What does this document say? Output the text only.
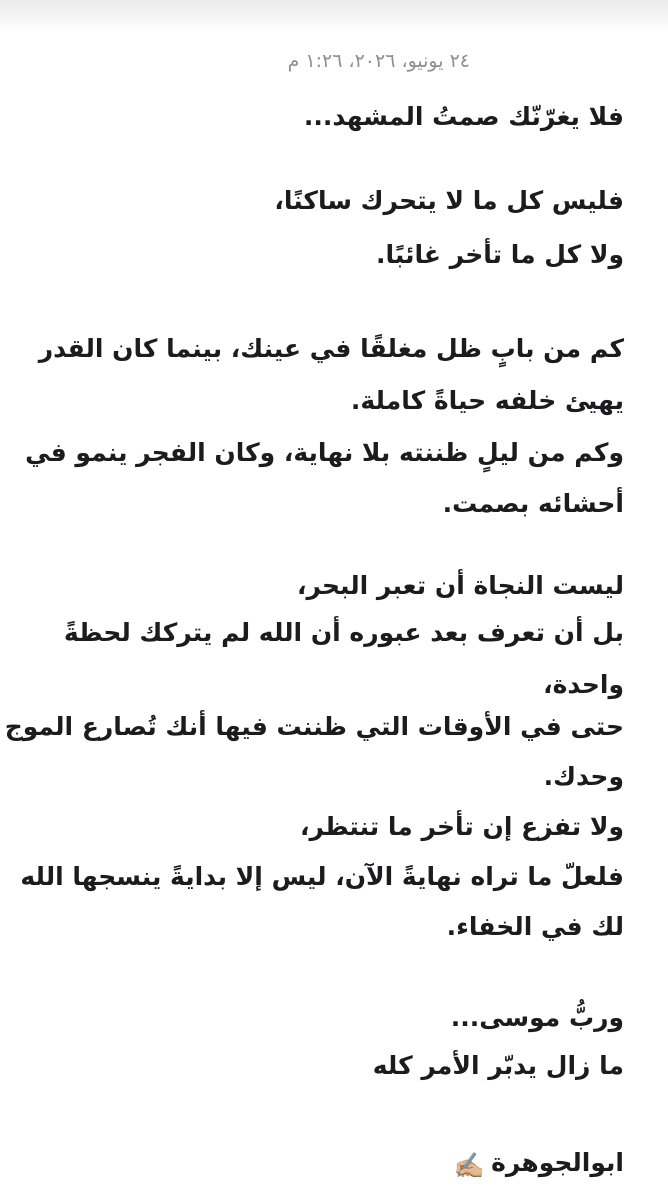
٢٤ يونيو، ٢٠٢٦، ١:٢٦ م
فلا يغرّنّك صمتُ المشهد...
فليس كل ما لا يتحرك ساكنًا،
ولا كل ما تأخر غائبًا.
كم من بابٍ ظل مغلقًا في عينك، بينما كان القدر
يهيئ خلفه حياةً كاملة.
وكم من ليلٍ ظننته بلا نهاية، وكان الفجر ينمو في
أحشائه بصمت.
ليست النجاة أن تعبر البحر،
بل أن تعرف بعد عبوره أن الله لم يتركك لحظةً
واحدة،
حتى في الأوقات التي ظننت فيها أنك تُصارع الموج
وحدك.
ولا تفزع إن تأخر ما تنتظر،
فلعلّ ما تراه نهايةً الآن، ليس إلا بدايةً ينسجها الله
لك في الخفاء.
وربُّ موسى...
ما زال يدبّر الأمر كله
ابوالجوهرة✍🏼
